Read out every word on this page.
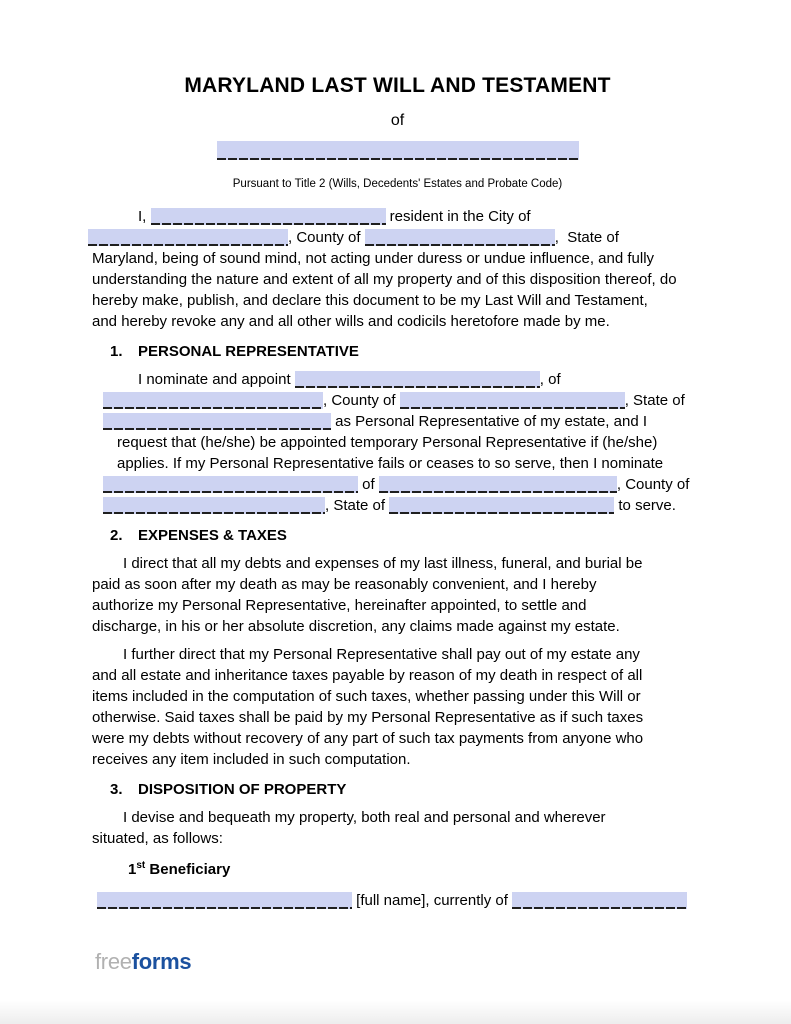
MARYLAND LAST WILL AND TESTAMENT
of
Pursuant to Title 2 (Wills, Decedents' Estates and Probate Code)
I,	resident in the City of
, County of	,  State of
Maryland, being of sound mind, not acting under duress or undue influence, and fully
understanding the nature and extent of all my property and of this disposition thereof, do
hereby make, publish, and declare this document to be my Last Will and Testament,
and hereby revoke any and all other wills and codicils heretofore made by me.
1. PERSONAL REPRESENTATIVE
I nominate and appoint	, of
, County of	, State of
as Personal Representative of my estate, and I
request that (he/she) be appointed temporary Personal Representative if (he/she)
applies. If my Personal Representative fails or ceases to so serve, then I nominate
of	, County of
, State of	to serve.
2. EXPENSES & TAXES
I direct that all my debts and expenses of my last illness, funeral, and burial be
paid as soon after my death as may be reasonably convenient, and I hereby
authorize my Personal Representative, hereinafter appointed, to settle and
discharge, in his or her absolute discretion, any claims made against my estate.
I further direct that my Personal Representative shall pay out of my estate any
and all estate and inheritance taxes payable by reason of my death in respect of all
items included in the computation of such taxes, whether passing under this Will or
otherwise. Said taxes shall be paid by my Personal Representative as if such taxes
were my debts without recovery of any part of such tax payments from anyone who
receives any item included in such computation.
3. DISPOSITION OF PROPERTY
I devise and bequeath my property, both real and personal and wherever
situated, as follows:
1st Beneficiary
[full name], currently of
freeforms
